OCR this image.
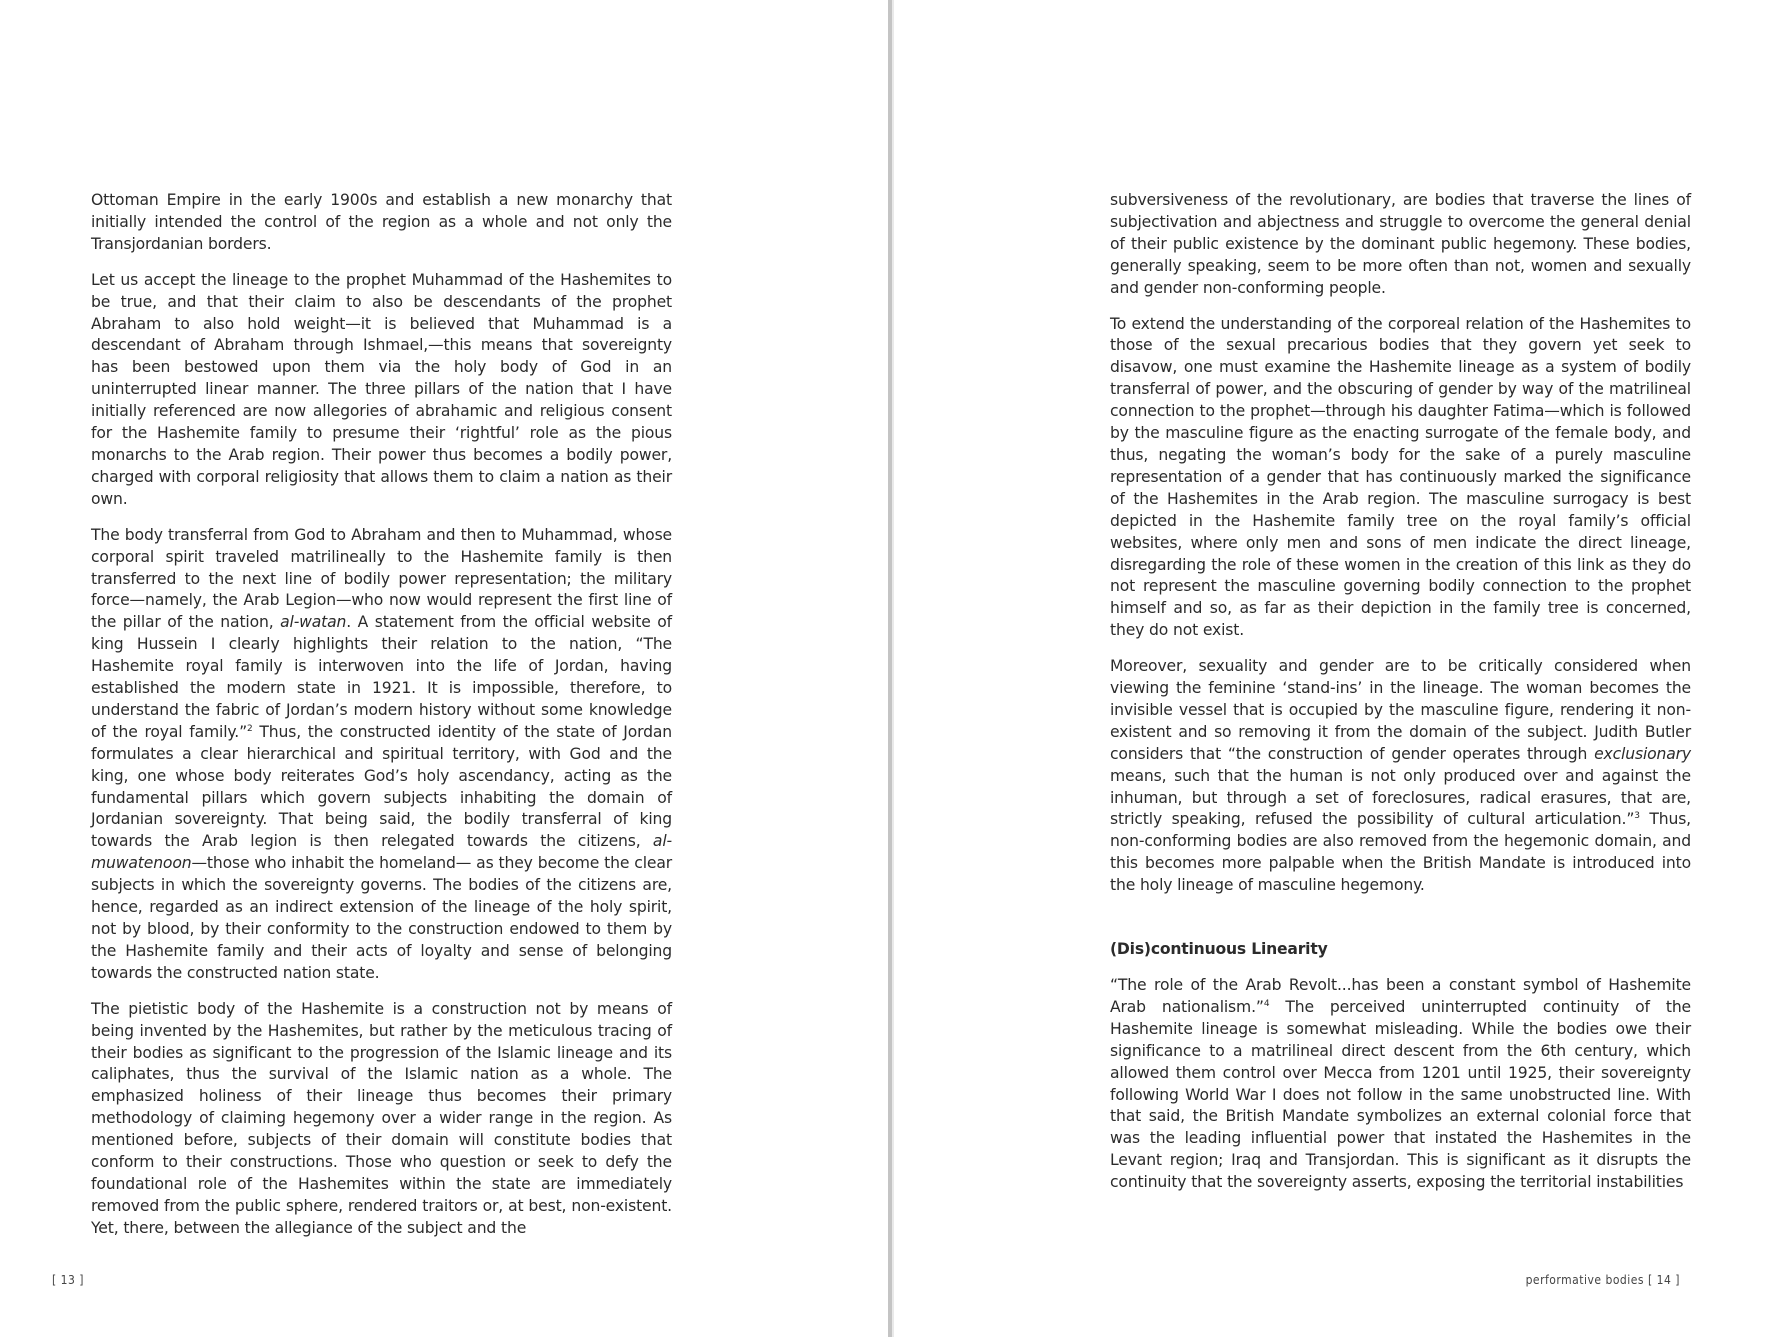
Ottoman Empire in the early 1900s and establish a new monarchy that initially intended the control of the region as a whole and not only the Transjordanian borders.

Let us accept the lineage to the prophet Muhammad of the Hashemites to be true, and that their claim to also be descendants of the prophet Abraham to also hold weight—it is believed that Muhammad is a descendant of Abraham through Ishmael,—this means that sovereignty has been bestowed upon them via the holy body of God in an uninterrupted linear manner. The three pillars of the nation that I have initially referenced are now allegories of abrahamic and religious consent for the Hashemite family to presume their ‘rightful’ role as the pious monarchs to the Arab region. Their power thus becomes a bodily power, charged with corporal religiosity that allows them to claim a nation as their own.

The body transferral from God to Abraham and then to Muhammad, whose corporal spirit traveled matrilineally to the Hashemite family is then transferred to the next line of bodily power representation; the military force—namely, the Arab Legion—who now would represent the first line of the pillar of the nation, al-watan. A statement from the official website of king Hussein I clearly highlights their relation to the nation, “The Hashemite royal family is interwoven into the life of Jordan, having established the modern state in 1921. It is impossible, therefore, to understand the fabric of Jordan’s modern history without some knowledge of the royal family.”$^2$ Thus, the constructed identity of the state of Jordan formulates a clear hierarchical and spiritual territory, with God and the king, one whose body reiterates God’s holy ascendancy, acting as the fundamental pillars which govern subjects inhabiting the domain of Jordanian sovereignty. That being said, the bodily transferral of king towards the Arab legion is then relegated towards the citizens, al-muwatenoon—those who inhabit the homeland— as they become the clear subjects in which the sovereignty governs. The bodies of the citizens are, hence, regarded as an indirect extension of the lineage of the holy spirit, not by blood, by their conformity to the construction endowed to them by the Hashemite family and their acts of loyalty and sense of belonging towards the constructed nation state.

The pietistic body of the Hashemite is a construction not by means of being invented by the Hashemites, but rather by the meticulous tracing of their bodies as significant to the progression of the Islamic lineage and its caliphates, thus the survival of the Islamic nation as a whole. The emphasized holiness of their lineage thus becomes their primary methodology of claiming hegemony over a wider range in the region. As mentioned before, subjects of their domain will constitute bodies that conform to their constructions. Those who question or seek to defy the foundational role of the Hashemites within the state are immediately removed from the public sphere, rendered traitors or, at best, non-existent. Yet, there, between the allegiance of the subject and the

[ 13 ]

subversiveness of the revolutionary, are bodies that traverse the lines of subjectivation and abjectness and struggle to overcome the general denial of their public existence by the dominant public hegemony. These bodies, generally speaking, seem to be more often than not, women and sexually and gender non-conforming people.

To extend the understanding of the corporeal relation of the Hashemites to those of the sexual precarious bodies that they govern yet seek to disavow, one must examine the Hashemite lineage as a system of bodily transferral of power, and the obscuring of gender by way of the matrilineal connection to the prophet—through his daughter Fatima—which is followed by the masculine figure as the enacting surrogate of the female body, and thus, negating the woman’s body for the sake of a purely masculine representation of a gender that has continuously marked the significance of the Hashemites in the Arab region. The masculine surrogacy is best depicted in the Hashemite family tree on the royal family’s official websites, where only men and sons of men indicate the direct lineage, disregarding the role of these women in the creation of this link as they do not represent the masculine governing bodily connection to the prophet himself and so, as far as their depiction in the family tree is concerned, they do not exist.

Moreover, sexuality and gender are to be critically considered when viewing the feminine ‘stand-ins’ in the lineage. The woman becomes the invisible vessel that is occupied by the masculine figure, rendering it non-existent and so removing it from the domain of the subject. Judith Butler considers that “the construction of gender operates through exclusionary means, such that the human is not only produced over and against the inhuman, but through a set of foreclosures, radical erasures, that are, strictly speaking, refused the possibility of cultural articulation.”$^3$ Thus, non-conforming bodies are also removed from the hegemonic domain, and this becomes more palpable when the British Mandate is introduced into the holy lineage of masculine hegemony.

(Dis)continuous Linearity

“The role of the Arab Revolt...has been a constant symbol of Hashemite Arab nationalism.”$^4$ The perceived uninterrupted continuity of the Hashemite lineage is somewhat misleading. While the bodies owe their significance to a matrilineal direct descent from the 6th century, which allowed them control over Mecca from 1201 until 1925, their sovereignty following World War I does not follow in the same unobstructed line. With that said, the British Mandate symbolizes an external colonial force that was the leading influential power that instated the Hashemites in the Levant region; Iraq and Transjordan. This is significant as it disrupts the continuity that the sovereignty asserts, exposing the territorial instabilities

performative bodies [ 14 ]
